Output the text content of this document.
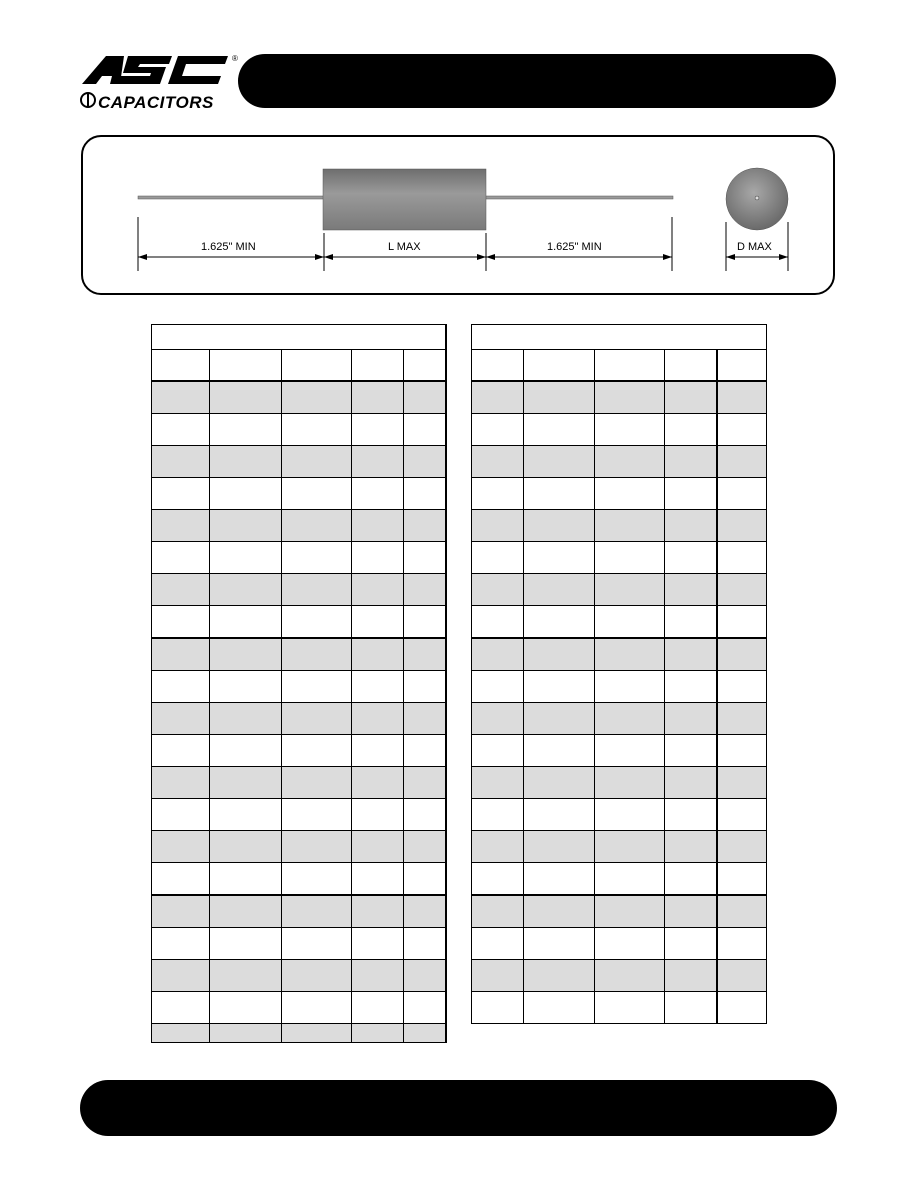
®
CAPACITORS
1.625" MIN	L MAX	1.625" MIN	D MAX
